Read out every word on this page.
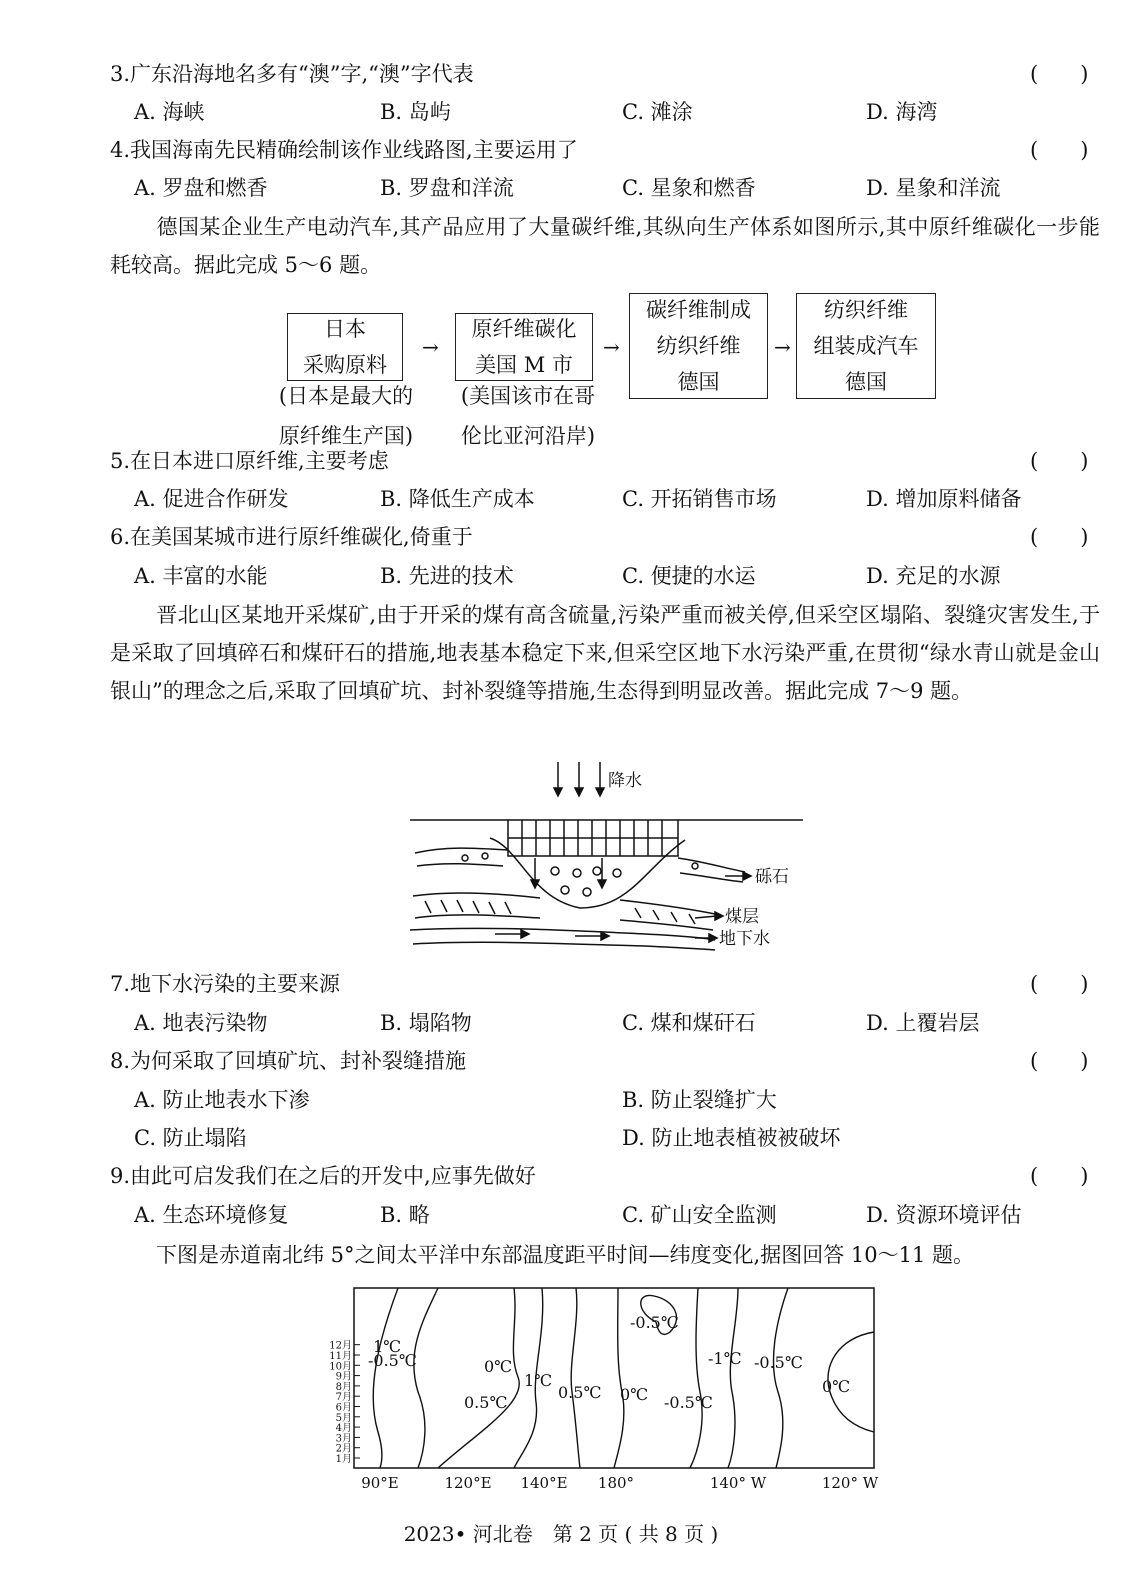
3.广东沿海地名多有“澳”字,“澳”字代表	(　　)
A. 海峡	B. 岛屿	C. 滩涂	D. 海湾
4.我国海南先民精确绘制该作业线路图,主要运用了	(　　)
A. 罗盘和燃香	B. 罗盘和洋流	C. 星象和燃香	D. 星象和洋流
德国某企业生产电动汽车,其产品应用了大量碳纤维,其纵向生产体系如图所示,其中原纤维碳化一步能耗较高。据此完成 5～6 题。
日本
采购原料
→
原纤维碳化
美国 M 市
→
碳纤维制成
纺织纤维
德国
→
纺织纤维
组装成汽车
德国
(日本是最大的
原纤维生产国)
(美国该市在哥
伦比亚河沿岸)
5.在日本进口原纤维,主要考虑	(　　)
A. 促进合作研发	B. 降低生产成本	C. 开拓销售市场	D. 增加原料储备
6.在美国某城市进行原纤维碳化,倚重于	(　　)
A. 丰富的水能	B. 先进的技术	C. 便捷的水运	D. 充足的水源
晋北山区某地开采煤矿,由于开采的煤有高含硫量,污染严重而被关停,但采空区塌陷、裂缝灾害发生,于是采取了回填碎石和煤矸石的措施,地表基本稳定下来,但采空区地下水污染严重,在贯彻“绿水青山就是金山银山”的理念之后,采取了回填矿坑、封补裂缝等措施,生态得到明显改善。据此完成 7～9 题。
降水
砾石
煤层
地下水
7.地下水污染的主要来源	(　　)
A. 地表污染物	B. 塌陷物	C. 煤和煤矸石	D. 上覆岩层
8.为何采取了回填矿坑、封补裂缝措施	(　　)
A. 防止地表水下渗	B. 防止裂缝扩大
C. 防止塌陷	D. 防止地表植被被破坏
9.由此可启发我们在之后的开发中,应事先做好	(　　)
A. 生态环境修复	B. 略	C. 矿山安全监测	D. 资源环境评估
下图是赤道南北纬 5°之间太平洋中东部温度距平时间—纬度变化,据图回答 10～11 题。
1月
2月
3月
4月
5月
6月
7月
8月
9月
10月
11月
12月
90°E	120°E 140°E 180°	140° W	120° W
1℃
-0.5℃	0℃
1℃
0.5℃
0.5℃ 0℃ -0.5℃
-0.5℃
-1℃ -0.5℃
0℃
2023• 河北卷　第 2 页 ( 共 8 页 )
